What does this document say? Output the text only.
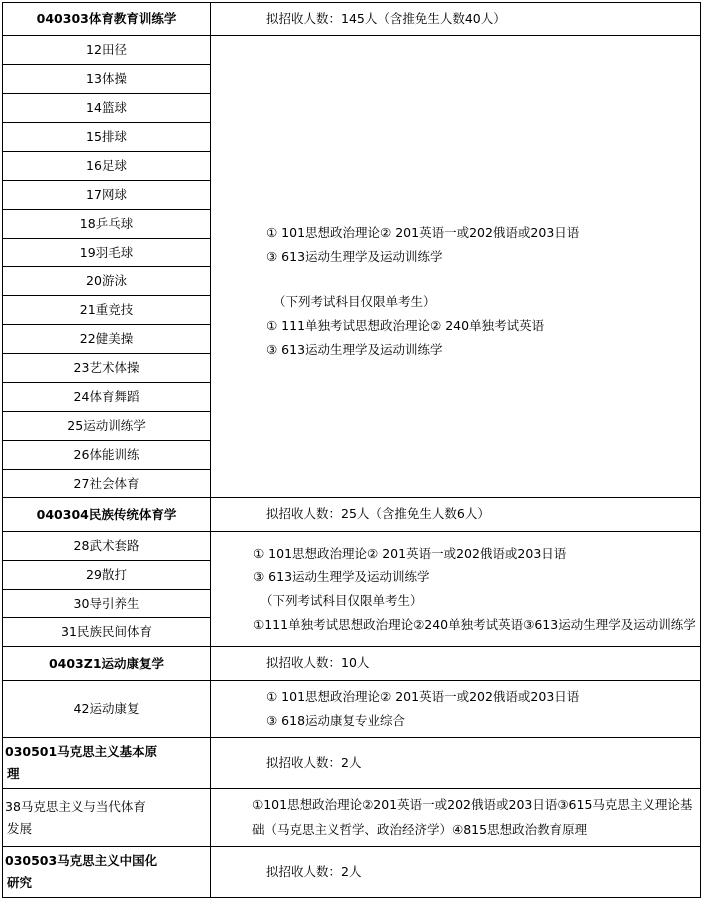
040303体育教育训练学	拟招收人数：145人（含推免生人数40人）

12田径	① 101思想政治理论② 201英语一或202俄语或203日语
③ 613运动生理学及运动训练学
（下列考试科目仅限单考生）
① 111单独考试思想政治理论② 240单独考试英语
③ 613运动生理学及运动训练学

13体操	

14篮球	

15排球	

16足球	

17网球	

18乒乓球	

19羽毛球	

20游泳	

21重竞技	

22健美操	

23艺术体操	

24体育舞蹈	

25运动训练学	

26体能训练	

27社会体育	

040304民族传统体育学	拟招收人数：25人（含推免生人数6人）

28武术套路	① 101思想政治理论② 201英语一或202俄语或203日语
③ 613运动生理学及运动训练学
（下列考试科目仅限单考生）
①111单独考试思想政治理论②240单独考试英语③613运动生理学及运动训练学

29散打	

30导引养生	

31民族民间体育	

0403Z1运动康复学	拟招收人数：10人

42运动康复	① 101思想政治理论② 201英语一或202俄语或203日语
③ 618运动康复专业综合

030501马克思主义基本原
理	拟招收人数：2人

38马克思主义与当代体育
发展	①101思想政治理论②201英语一或202俄语或203日语③615马克思主义理论基础（马克思主义哲学、政治经济学）④815思想政治教育原理

030503马克思主义中国化
研究	拟招收人数：2人
